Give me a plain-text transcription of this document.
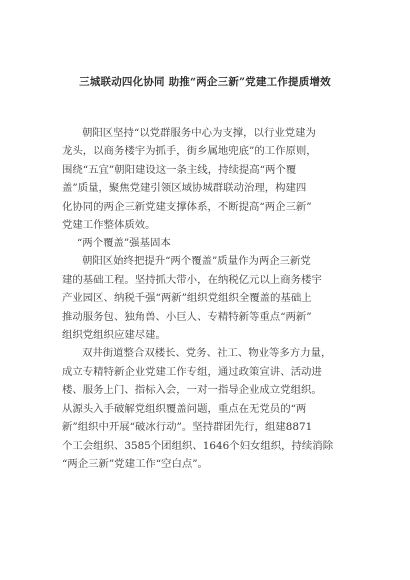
三城联动四化协同 助推“两企三新”党建工作提质增效
朝阳区坚持“以党群服务中心为支撑，以行业党建为
龙头，以商务楼宇为抓手，街乡属地兜底”的工作原则，
围绕“五宜”朝阳建设这一条主线，持续提高“两个覆
盖”质量，聚焦党建引领区域协城群联动治理，构建四
化协同的两企三新党建支撑体系，不断提高“两企三新”
党建工作整体质效。
“两个覆盖”强基固本
朝阳区始终把提升“两个覆盖”质量作为两企三新党
建的基础工程。坚持抓大带小，在纳税亿元以上商务楼宇
产业园区、纳税千强“两新”组织党组织全覆盖的基础上
推动服务包、独角兽、小巨人、专精特新等重点“两新”
组织党组织应建尽建。
双井街道整合双楼长、党务、社工、物业等多方力量，
成立专精特新企业党建工作专组，通过政策宣讲、活动进
楼、服务上门、指标入会，一对一指导企业成立党组织。
从源头入手破解党组织覆盖问题，重点在无党员的“两
新”组织中开展“破冰行动”。坚持群团先行，组建8871
个工会组织、3585个团组织、1646个妇女组织，持续消除
“两企三新”党建工作“空白点”。
